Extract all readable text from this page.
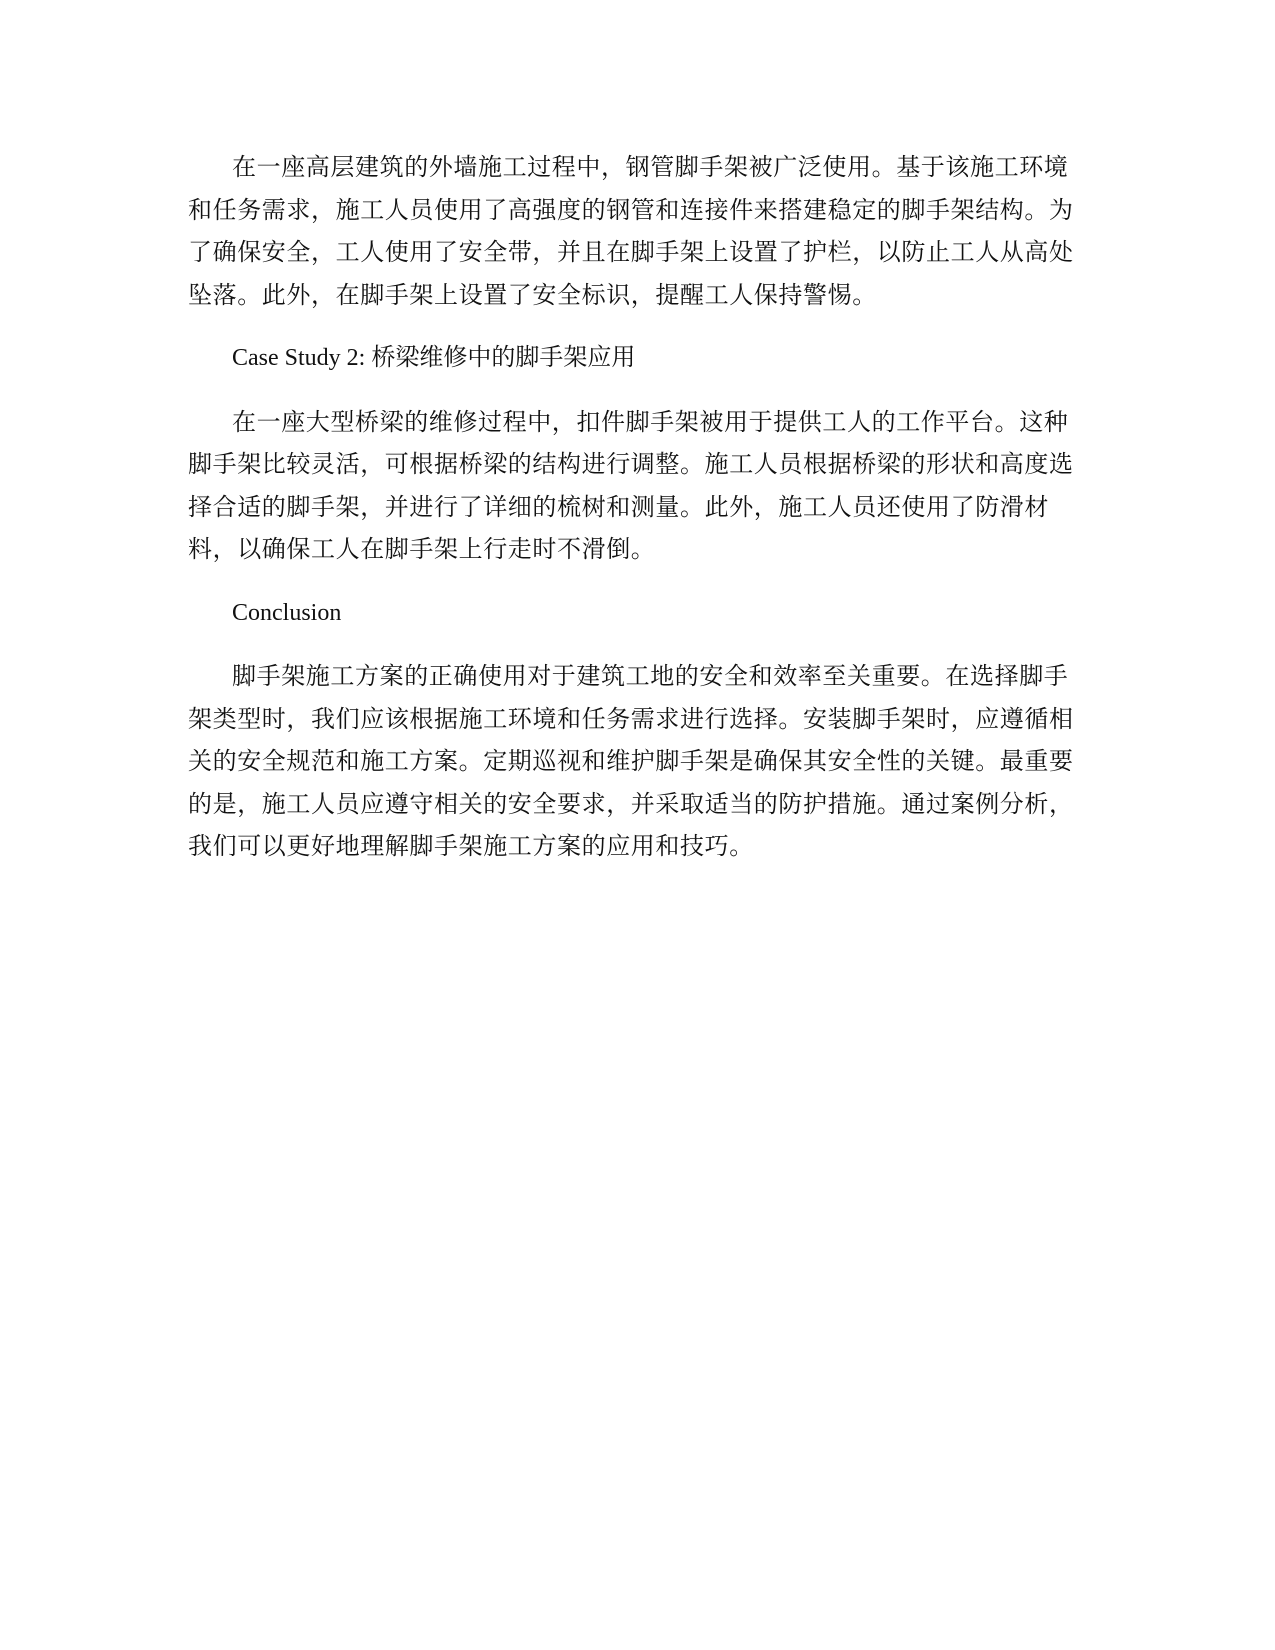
在一座高层建筑的外墙施工过程中，钢管脚手架被广泛使用。基于该施工环境和任务需求，施工人员使用了高强度的钢管和连接件来搭建稳定的脚手架结构。为了确保安全，工人使用了安全带，并且在脚手架上设置了护栏，以防止工人从高处坠落。此外，在脚手架上设置了安全标识，提醒工人保持警惕。

Case Study 2: 桥梁维修中的脚手架应用

在一座大型桥梁的维修过程中，扣件脚手架被用于提供工人的工作平台。这种脚手架比较灵活，可根据桥梁的结构进行调整。施工人员根据桥梁的形状和高度选择合适的脚手架，并进行了详细的梳树和测量。此外，施工人员还使用了防滑材料，以确保工人在脚手架上行走时不滑倒。

Conclusion

脚手架施工方案的正确使用对于建筑工地的安全和效率至关重要。在选择脚手架类型时，我们应该根据施工环境和任务需求进行选择。安装脚手架时，应遵循相关的安全规范和施工方案。定期巡视和维护脚手架是确保其安全性的关键。最重要的是，施工人员应遵守相关的安全要求，并采取适当的防护措施。通过案例分析，我们可以更好地理解脚手架施工方案的应用和技巧。
